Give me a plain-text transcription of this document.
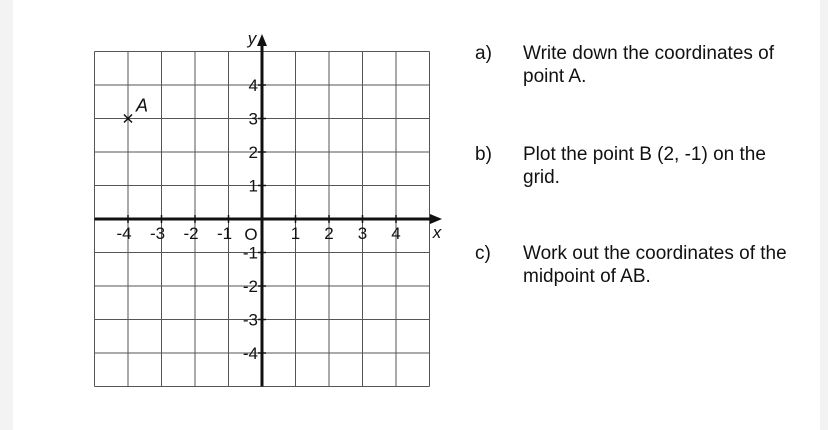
-4 -3 -2 -1	1 2 3 4
4
3
2
1
-1
-2
-3
-4
A
x
y
O
a) Write down the coordinates of point A.
b) Plot the point B (2, -1) on the grid.
c) Work out the coordinates of the midpoint of AB.
